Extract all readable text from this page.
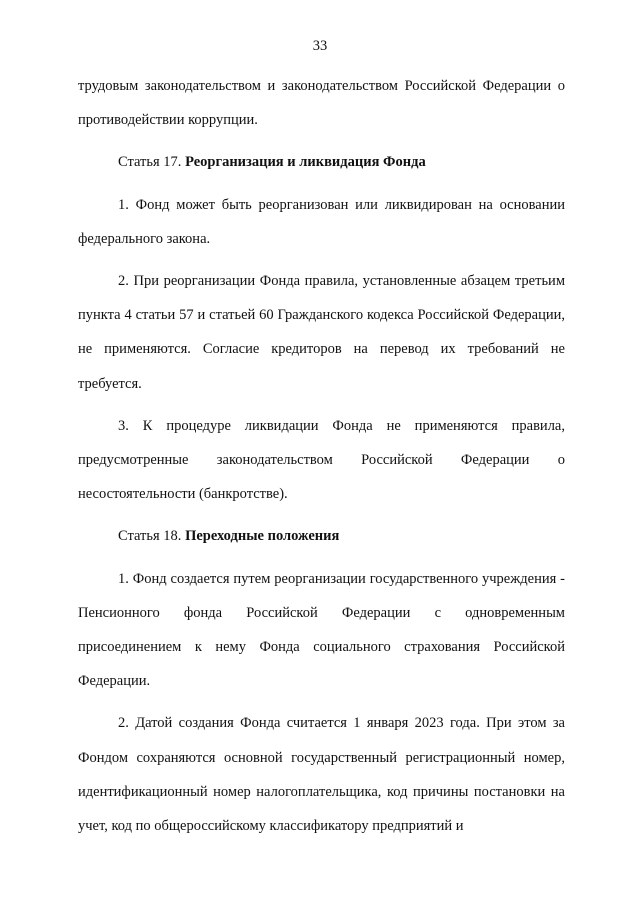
33

трудовым законодательством и законодательством Российской Федерации о противодействии коррупции.

Статья 17. Реорганизация и ликвидация Фонда

1. Фонд может быть реорганизован или ликвидирован на основании федерального закона.

2. При реорганизации Фонда правила, установленные абзацем третьим пункта 4 статьи 57 и статьей 60 Гражданского кодекса Российской Федерации, не применяются. Согласие кредиторов на перевод их требований не требуется.

3. К процедуре ликвидации Фонда не применяются правила, предусмотренные законодательством Российской Федерации о несостоятельности (банкротстве).

Статья 18. Переходные положения

1. Фонд создается путем реорганизации государственного учреждения - Пенсионного фонда Российской Федерации с одновременным присоединением к нему Фонда социального страхования Российской Федерации.

2. Датой создания Фонда считается 1 января 2023 года. При этом за Фондом сохраняются основной государственный регистрационный номер, идентификационный номер налогоплательщика, код причины постановки на учет, код по общероссийскому классификатору предприятий и
